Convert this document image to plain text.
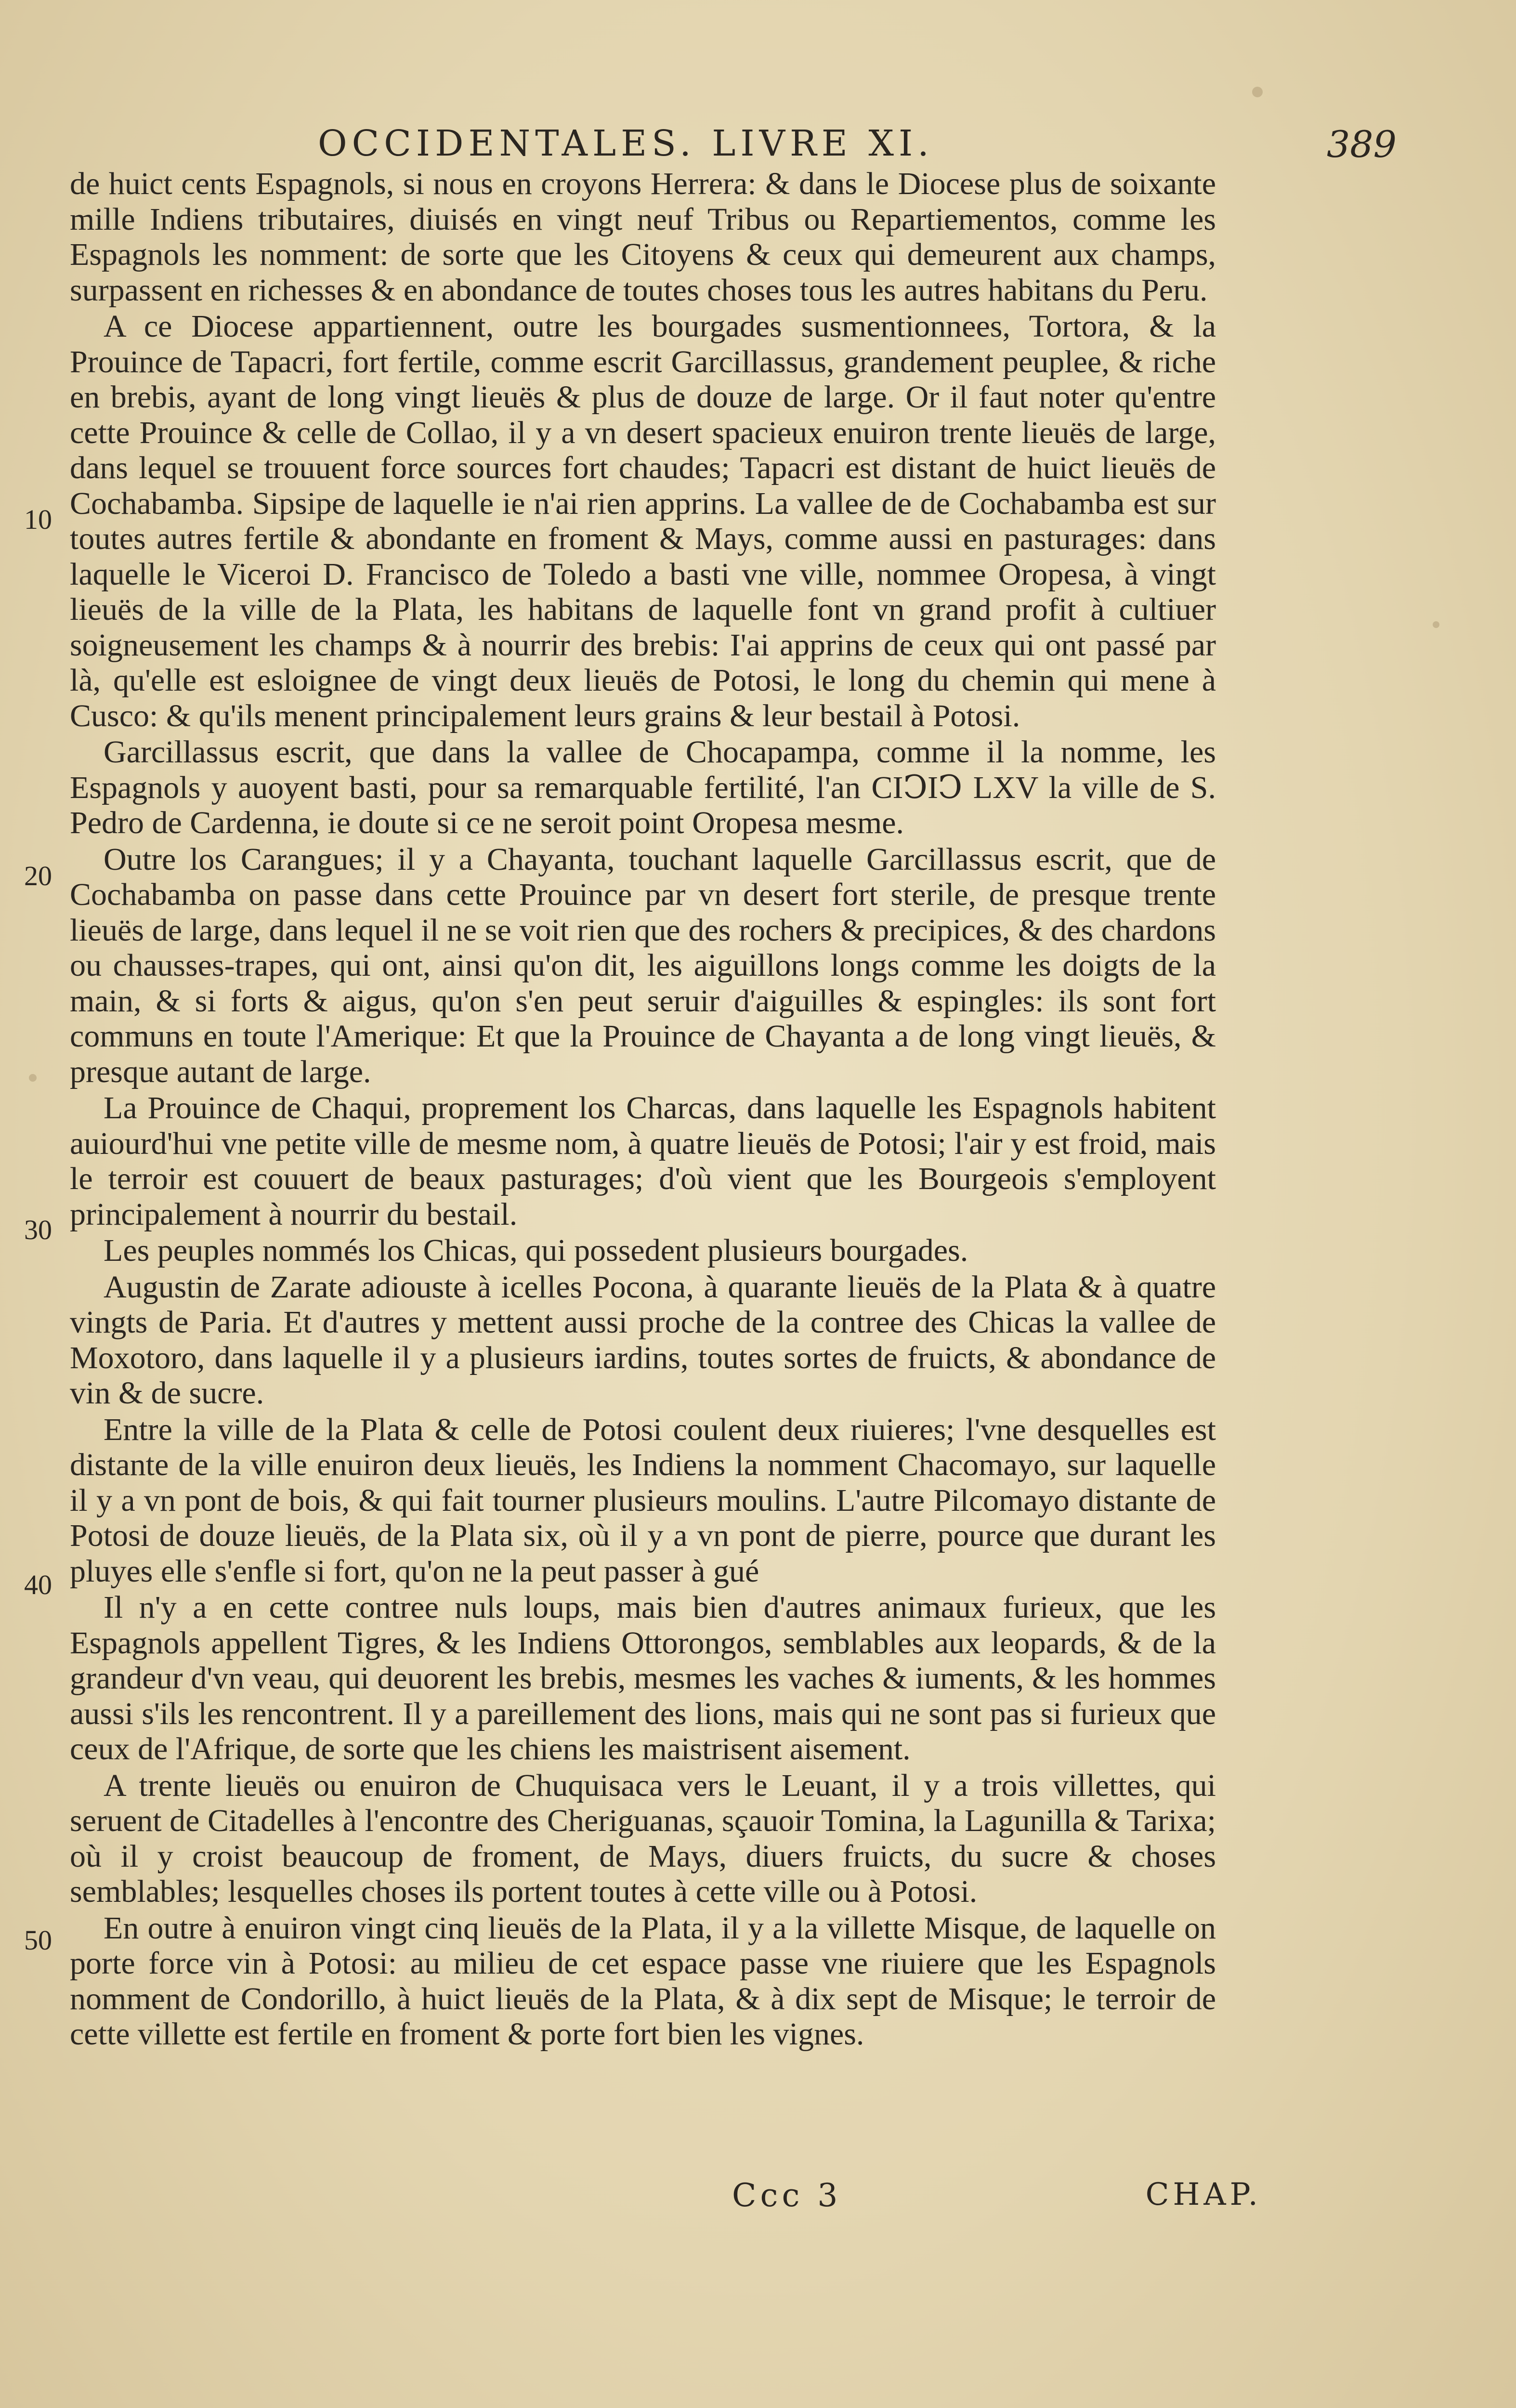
OCCIDENTALES. LIVRE XI.	389
10
20
30
40
50

de huict cents Espagnols, si nous en croyons Herrera: & dans le Diocese plus de soixante mille Indiens tributaires, diuisés en vingt neuf Tribus ou Repartiementos, comme les Espagnols les nomment: de sorte que les Citoyens & ceux qui demeurent aux champs, surpassent en richesses & en abondance de toutes choses tous les autres habitans du Peru.

A ce Diocese appartiennent, outre les bourgades susmentionnees, Tortora, & la Prouince de Tapacri, fort fertile, comme escrit Garcillassus, grandement peuplee, & riche en brebis, ayant de long vingt lieuës & plus de douze de large. Or il faut noter qu'entre cette Prouince & celle de Collao, il y a vn desert spacieux enuiron trente lieuës de large, dans lequel se trouuent force sources fort chaudes; Tapacri est distant de huict lieuës de Cochabamba. Sipsipe de laquelle ie n'ai rien apprins. La vallee de de Cochabamba est sur toutes autres fertile & abondante en froment & Mays, comme aussi en pasturages: dans laquelle le Viceroi D. Francisco de Toledo a basti vne ville, nommee Oropesa, à vingt lieuës de la ville de la Plata, les habitans de laquelle font vn grand profit à cultiuer soigneusement les champs & à nourrir des brebis: I'ai apprins de ceux qui ont passé par là, qu'elle est esloignee de vingt deux lieuës de Potosi, le long du chemin qui mene à Cusco: & qu'ils menent principalement leurs grains & leur bestail à Potosi.

Garcillassus escrit, que dans la vallee de Chocapampa, comme il la nomme, les Espagnols y auoyent basti, pour sa remarquable fertilité, l'an CIↃIↃ LXV la ville de S. Pedro de Cardenna, ie doute si ce ne seroit point Oropesa mesme.

Outre los Carangues; il y a Chayanta, touchant laquelle Garcillassus escrit, que de Cochabamba on passe dans cette Prouince par vn desert fort sterile, de presque trente lieuës de large, dans lequel il ne se voit rien que des rochers & precipices, & des chardons ou chausses-trapes, qui ont, ainsi qu'on dit, les aiguillons longs comme les doigts de la main, & si forts & aigus, qu'on s'en peut seruir d'aiguilles & espingles: ils sont fort communs en toute l'Amerique: Et que la Prouince de Chayanta a de long vingt lieuës, & presque autant de large.

La Prouince de Chaqui, proprement los Charcas, dans laquelle les Espagnols habitent auiourd'hui vne petite ville de mesme nom, à quatre lieuës de Potosi; l'air y est froid, mais le terroir est couuert de beaux pasturages; d'où vient que les Bourgeois s'employent principalement à nourrir du bestail.

Les peuples nommés los Chicas, qui possedent plusieurs bourgades.

Augustin de Zarate adiouste à icelles Pocona, à quarante lieuës de la Plata & à quatre vingts de Paria. Et d'autres y mettent aussi proche de la contree des Chicas la vallee de Moxotoro, dans laquelle il y a plusieurs iardins, toutes sortes de fruicts, & abondance de vin & de sucre.

Entre la ville de la Plata & celle de Potosi coulent deux riuieres; l'vne desquelles est distante de la ville enuiron deux lieuës, les Indiens la nomment Chacomayo, sur laquelle il y a vn pont de bois, & qui fait tourner plusieurs moulins. L'autre Pilcomayo distante de Potosi de douze lieuës, de la Plata six, où il y a vn pont de pierre, pource que durant les pluyes elle s'enfle si fort, qu'on ne la peut passer à gué

Il n'y a en cette contree nuls loups, mais bien d'autres animaux furieux, que les Espagnols appellent Tigres, & les Indiens Ottorongos, semblables aux leopards, & de la grandeur d'vn veau, qui deuorent les brebis, mesmes les vaches & iuments, & les hommes aussi s'ils les rencontrent. Il y a pareillement des lions, mais qui ne sont pas si furieux que ceux de l'Afrique, de sorte que les chiens les maistrisent aisement.

A trente lieuës ou enuiron de Chuquisaca vers le Leuant, il y a trois villettes, qui seruent de Citadelles à l'encontre des Cheriguanas, sçauoir Tomina, la Lagunilla & Tarixa; où il y croist beaucoup de froment, de Mays, diuers fruicts, du sucre & choses semblables; lesquelles choses ils portent toutes à cette ville ou à Potosi.

En outre à enuiron vingt cinq lieuës de la Plata, il y a la villette Misque, de laquelle on porte force vin à Potosi: au milieu de cet espace passe vne riuiere que les Espagnols nomment de Condorillo, à huict lieuës de la Plata, & à dix sept de Misque; le terroir de cette villette est fertile en froment & porte fort bien les vignes.

Ccc 3	CHAP.
